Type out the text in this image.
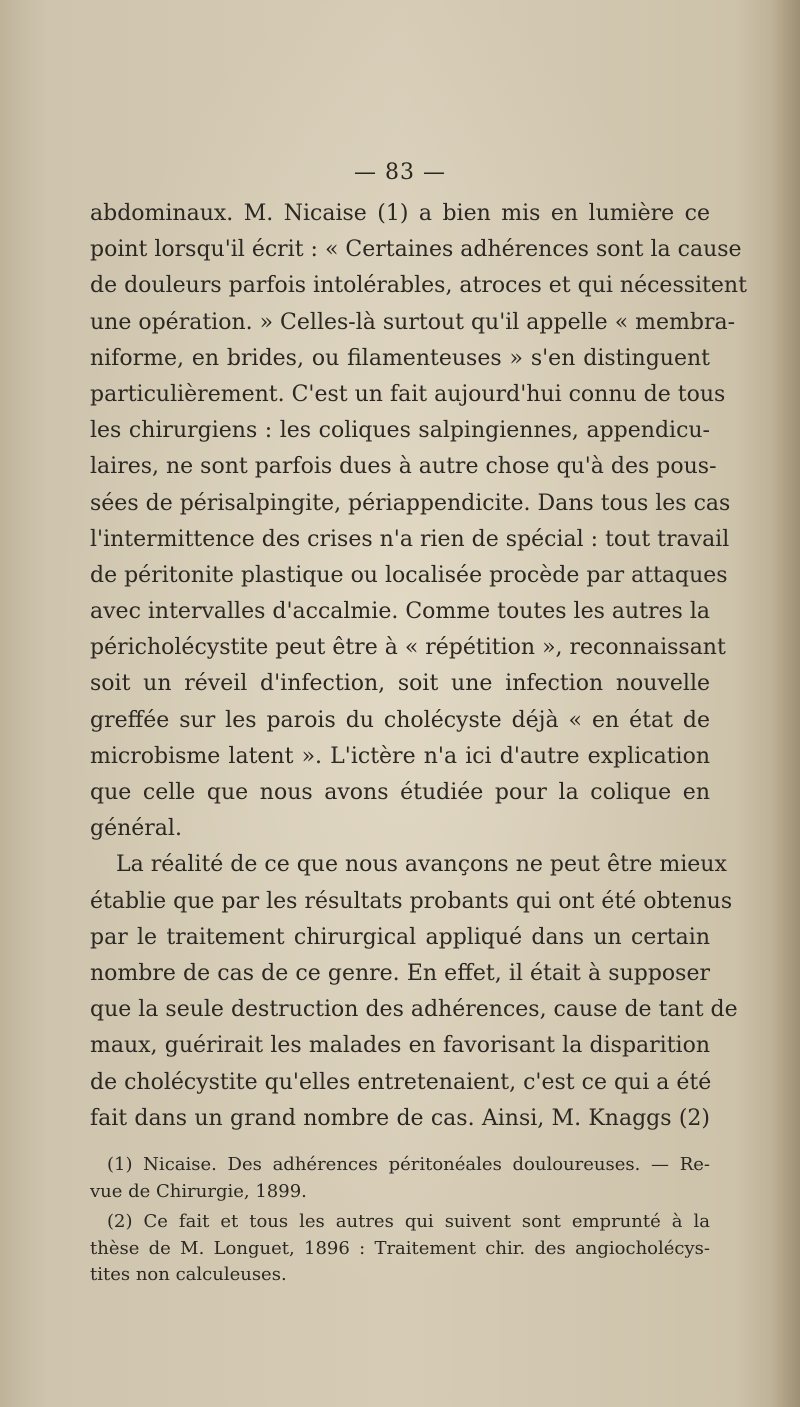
— 83 —
abdominaux. M. Nicaise (1) a bien mis en lumière ce
point lorsqu'il écrit : « Certaines adhérences sont la cause
de douleurs parfois intolérables, atroces et qui nécessitent
une opération. » Celles-là surtout qu'il appelle « membra-
niforme, en brides, ou filamenteuses » s'en distinguent
particulièrement. C'est un fait aujourd'hui connu de tous
les chirurgiens : les coliques salpingiennes, appendicu-
laires, ne sont parfois dues à autre chose qu'à des pous-
sées de périsalpingite, périappendicite. Dans tous les cas
l'intermittence des crises n'a rien de spécial : tout travail
de péritonite plastique ou localisée procède par attaques
avec intervalles d'accalmie. Comme toutes les autres la
péricholécystite peut être à « répétition », reconnaissant
soit un réveil d'infection, soit une infection nouvelle
greffée sur les parois du cholécyste déjà « en état de
microbisme latent ». L'ictère n'a ici d'autre explication
que celle que nous avons étudiée pour la colique en
général.
La réalité de ce que nous avançons ne peut être mieux
établie que par les résultats probants qui ont été obtenus
par le traitement chirurgical appliqué dans un certain
nombre de cas de ce genre. En effet, il était à supposer
que la seule destruction des adhérences, cause de tant de
maux, guérirait les malades en favorisant la disparition
de cholécystite qu'elles entretenaient, c'est ce qui a été
fait dans un grand nombre de cas. Ainsi, M. Knaggs (2)
(1) Nicaise. Des adhérences péritonéales douloureuses. — Re-
vue de Chirurgie, 1899.
(2) Ce fait et tous les autres qui suivent sont emprunté à la
thèse de M. Longuet, 1896 : Traitement chir. des angiocholécys-
tites non calculeuses.
